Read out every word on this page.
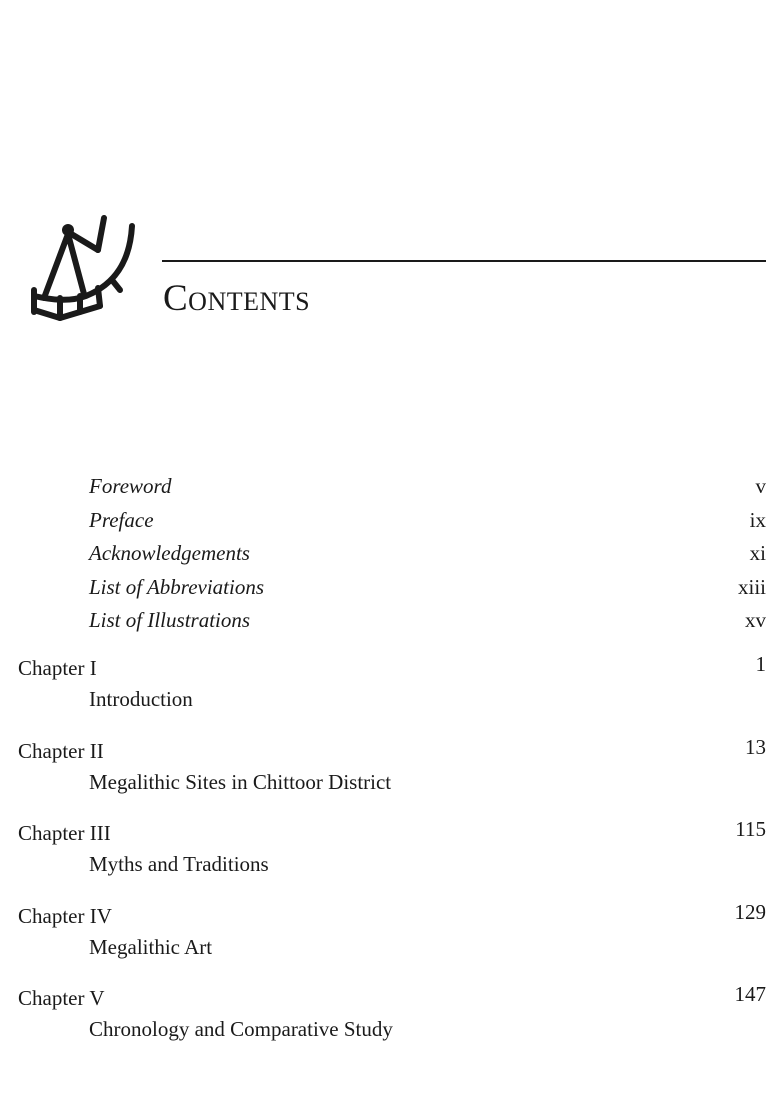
Contents
Foreword	v
Preface	ix
Acknowledgements	xi
List of Abbreviations	xiii
List of Illustrations	xv
Chapter I	1
Introduction
Chapter II	13
Megalithic Sites in Chittoor District
Chapter III	115
Myths and Traditions
Chapter IV	129
Megalithic Art
Chapter V	147
Chronology and Comparative Study
